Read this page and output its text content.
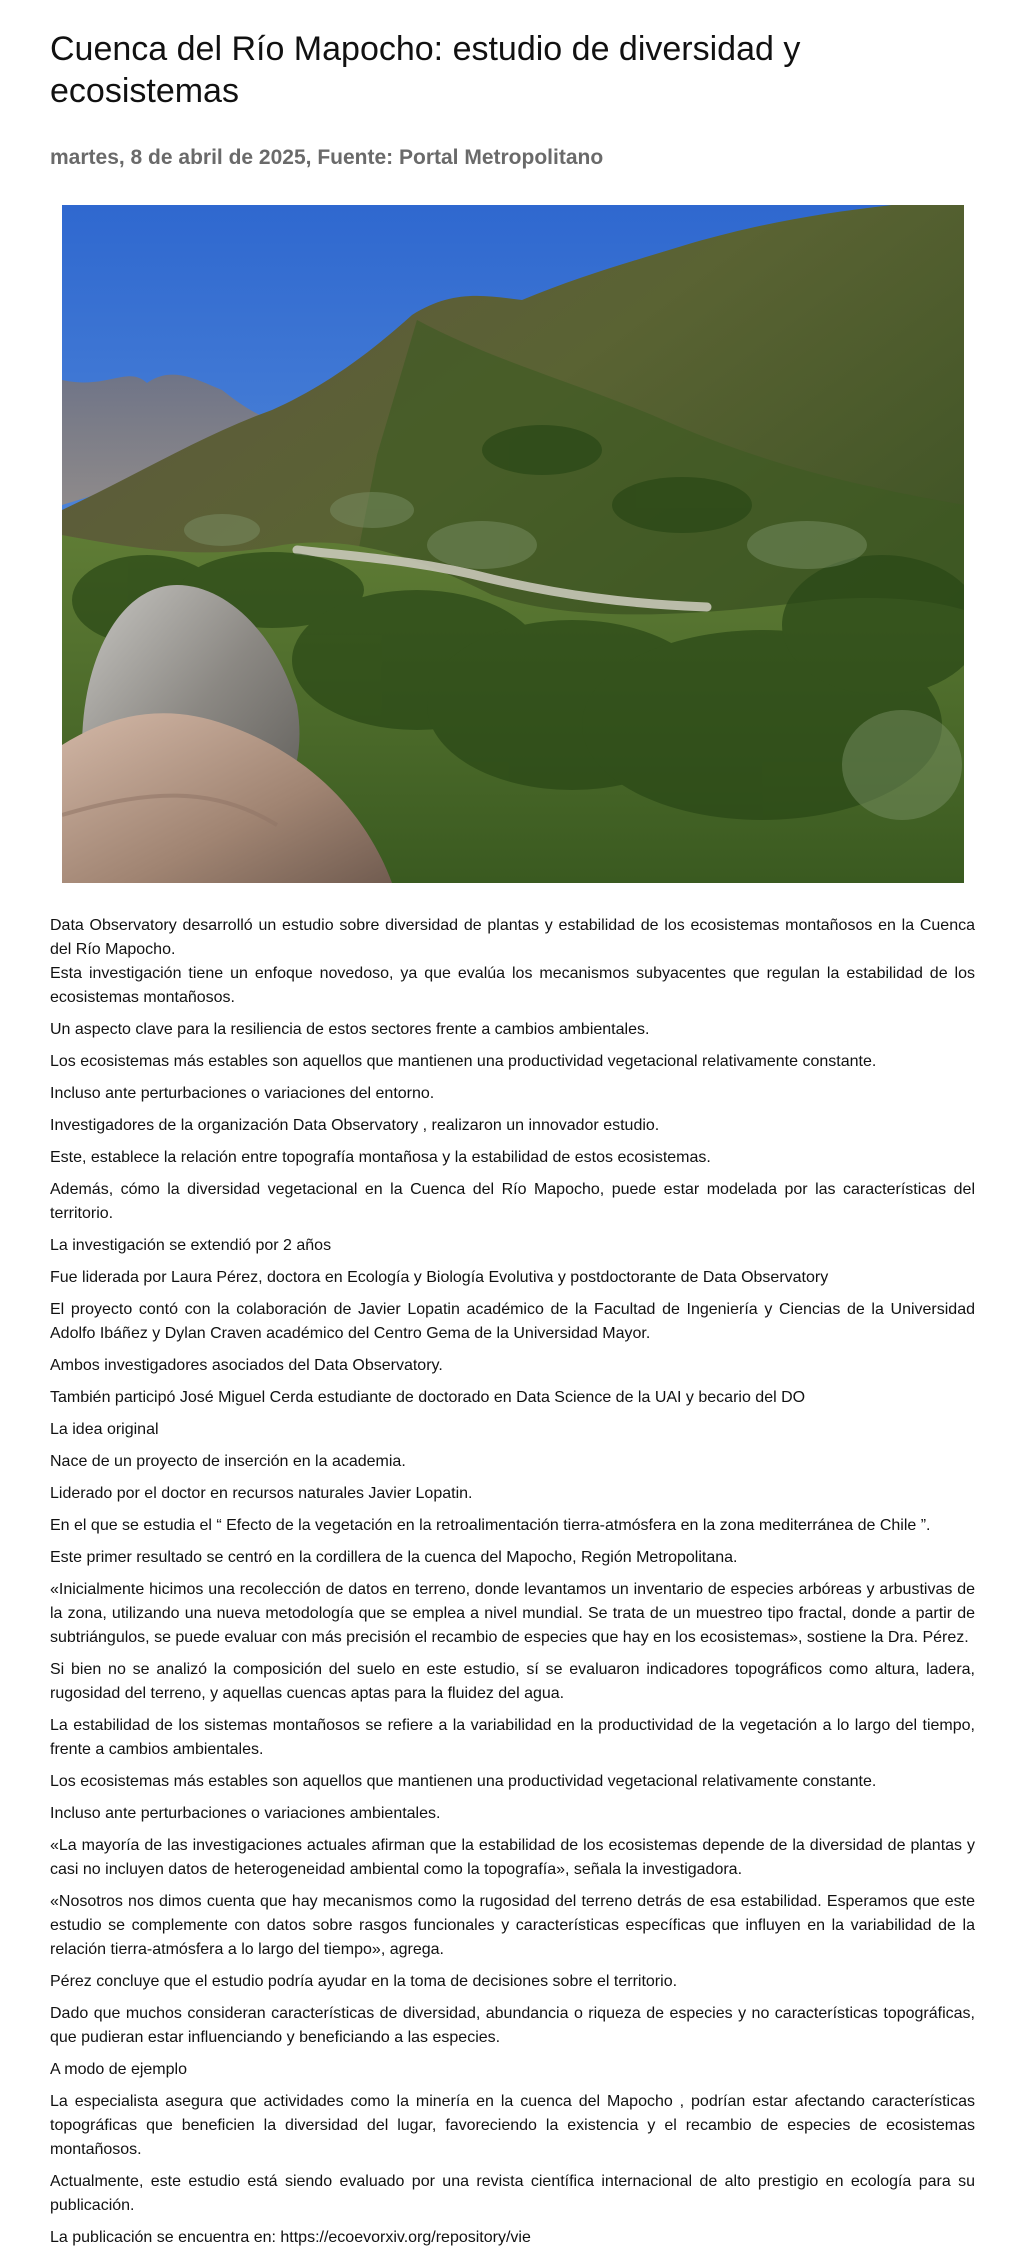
Cuenca del Río Mapocho: estudio de diversidad y ecosistemas

martes, 8 de abril de 2025, Fuente: Portal Metropolitano

Data Observatory desarrolló un estudio sobre diversidad de plantas y estabilidad de los ecosistemas montañosos en la Cuenca del Río Mapocho.

Esta investigación tiene un enfoque novedoso, ya que evalúa los mecanismos subyacentes que regulan la estabilidad de los ecosistemas montañosos.

Un aspecto clave para la resiliencia de estos sectores frente a cambios ambientales.

Los ecosistemas más estables son aquellos que mantienen una productividad vegetacional relativamente constante.

Incluso ante perturbaciones o variaciones del entorno.

Investigadores de la organización Data Observatory , realizaron un innovador estudio.

Este, establece la relación entre topografía montañosa y la estabilidad de estos ecosistemas.

Además, cómo la diversidad vegetacional en la Cuenca del Río Mapocho, puede estar modelada por las características del territorio.

La investigación se extendió por 2 años

Fue liderada por Laura Pérez, doctora en Ecología y Biología Evolutiva y postdoctorante de Data Observatory

El proyecto contó con la colaboración de Javier Lopatin académico de la Facultad de Ingeniería y Ciencias de la Universidad Adolfo Ibáñez y Dylan Craven académico del Centro Gema de la Universidad Mayor.

Ambos investigadores asociados del Data Observatory.

También participó José Miguel Cerda estudiante de doctorado en Data Science de la UAI y becario del DO

La idea original

Nace de un proyecto de inserción en la academia.

Liderado por el doctor en recursos naturales Javier Lopatin.

En el que se estudia el “ Efecto de la vegetación en la retroalimentación tierra-atmósfera en la zona mediterránea de Chile ”.

Este primer resultado se centró en la cordillera de la cuenca del Mapocho, Región Metropolitana.

«Inicialmente hicimos una recolección de datos en terreno, donde levantamos un inventario de especies arbóreas y arbustivas de la zona, utilizando una nueva metodología que se emplea a nivel mundial. Se trata de un muestreo tipo fractal, donde a partir de subtriángulos, se puede evaluar con más precisión el recambio de especies que hay en los ecosistemas», sostiene la Dra. Pérez.

Si bien no se analizó la composición del suelo en este estudio, sí se evaluaron indicadores topográficos como altura, ladera, rugosidad del terreno, y aquellas cuencas aptas para la fluidez del agua.

La estabilidad de los sistemas montañosos se refiere a la variabilidad en la productividad de la vegetación a lo largo del tiempo, frente a cambios ambientales.

Los ecosistemas más estables son aquellos que mantienen una productividad vegetacional relativamente constante.

Incluso ante perturbaciones o variaciones ambientales.

«La mayoría de las investigaciones actuales afirman que la estabilidad de los ecosistemas depende de la diversidad de plantas y casi no incluyen datos de heterogeneidad ambiental como la topografía», señala la investigadora.

«Nosotros nos dimos cuenta que hay mecanismos como la rugosidad del terreno detrás de esa estabilidad. Esperamos que este estudio se complemente con datos sobre rasgos funcionales y características específicas que influyen en la variabilidad de la relación tierra-atmósfera a lo largo del tiempo», agrega.

Pérez concluye que el estudio podría ayudar en la toma de decisiones sobre el territorio.

Dado que muchos consideran características de diversidad, abundancia o riqueza de especies y no características topográficas, que pudieran estar influenciando y beneficiando a las especies.

A modo de ejemplo

La especialista asegura que actividades como la minería en la cuenca del Mapocho , podrían estar afectando características topográficas que beneficien la diversidad del lugar, favoreciendo la existencia y el recambio de especies de ecosistemas montañosos.

Actualmente, este estudio está siendo evaluado por una revista científica internacional de alto prestigio en ecología para su publicación.

La publicación se encuentra en: https://ecoevorxiv.org/repository/vie
